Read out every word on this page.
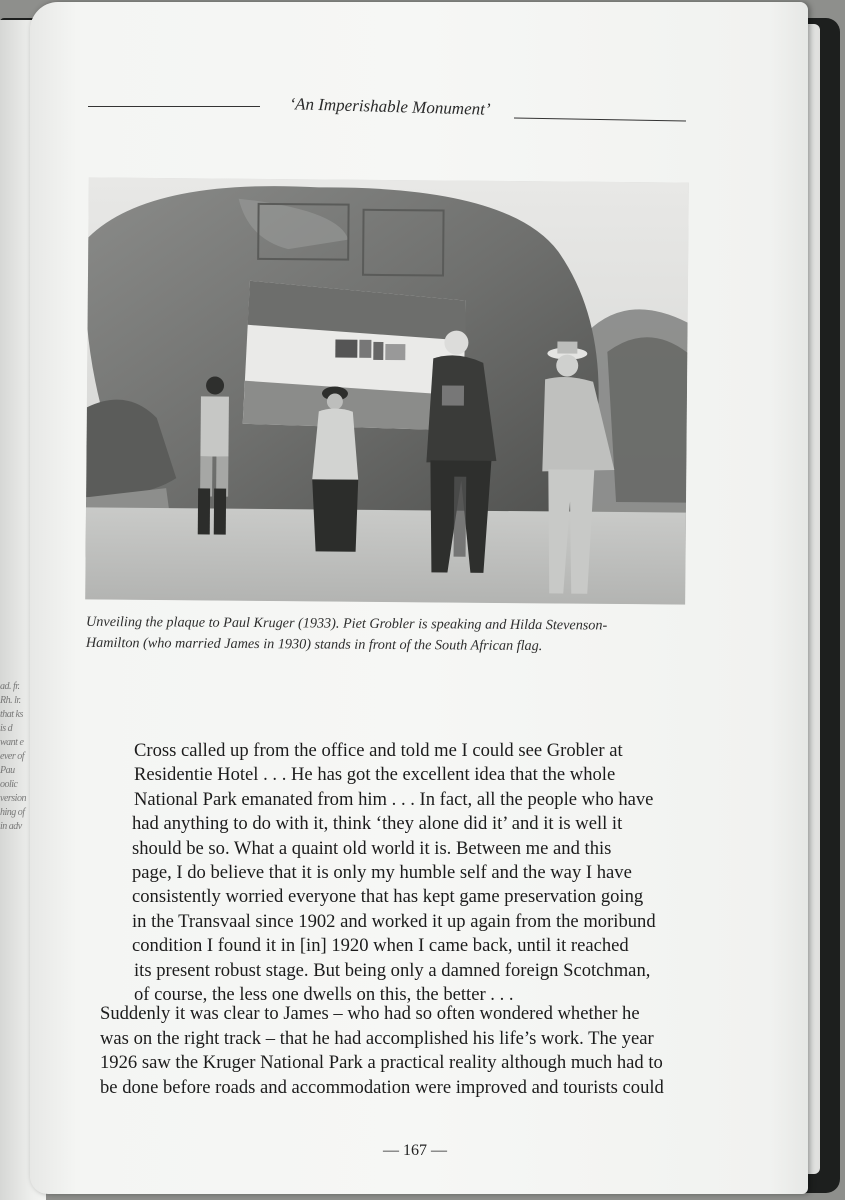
ad. fr. Rh. lr. that ks is d want e ever of Pau oolic version hing of in adv
‘An Imperishable Monument’
Unveiling the plaque to Paul Kruger (1933). Piet Grobler is speaking and Hilda Stevenson-
Hamilton (who married James in 1930) stands in front of the South African flag.
Cross called up from the office and told me I could see Grobler at
Residentie Hotel . . . He has got the excellent idea that the whole
National Park emanated from him . . . In fact, all the people who have
had anything to do with it, think ‘they alone did it’ and it is well it
should be so. What a quaint old world it is. Between me and this
page, I do believe that it is only my humble self and the way I have
consistently worried everyone that has kept game preservation going
in the Transvaal since 1902 and worked it up again from the moribund
condition I found it in [in] 1920 when I came back, until it reached
its present robust stage. But being only a damned foreign Scotchman,
of course, the less one dwells on this, the better . . .
Suddenly it was clear to James – who had so often wondered whether he
was on the right track – that he had accomplished his life’s work. The year
1926 saw the Kruger National Park a practical reality although much had to
be done before roads and accommodation were improved and tourists could
— 167 —
